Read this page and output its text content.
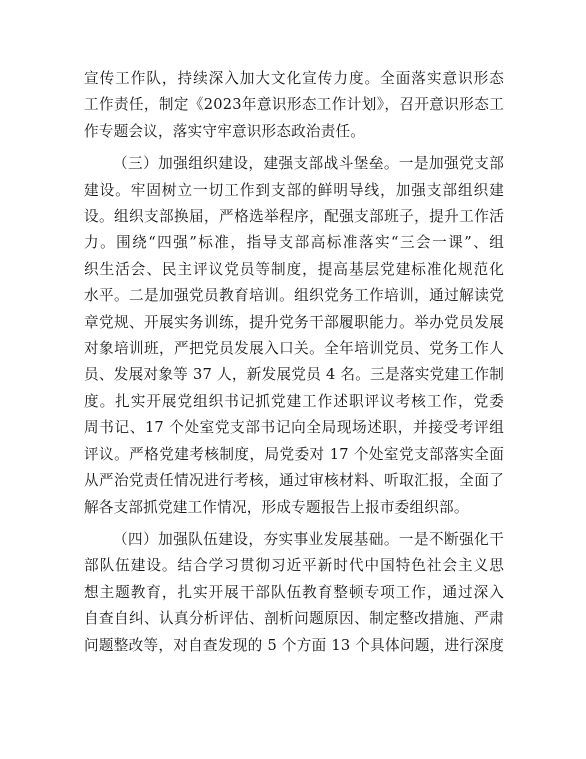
宣传工作队，持续深入加大文化宣传力度。全面落实意识形态
工作责任，制定《2023年意识形态工作计划》，召开意识形态工
作专题会议，落实守牢意识形态政治责任。

（三）加强组织建设，建强支部战斗堡垒。一是加强党支部
建设。牢固树立一切工作到支部的鲜明导线，加强支部组织建
设。组织支部换届，严格选举程序，配强支部班子，提升工作活
力。围绕“四强”标准，指导支部高标准落实“三会一课”、组
织生活会、民主评议党员等制度，提高基层党建标准化规范化
水平。二是加强党员教育培训。组织党务工作培训，通过解读党
章党规、开展实务训练，提升党务干部履职能力。举办党员发展
对象培训班，严把党员发展入口关。全年培训党员、党务工作人
员、发展对象等 37 人，新发展党员 4 名。三是落实党建工作制
度。扎实开展党组织书记抓党建工作述职评议考核工作，党委
周书记、17 个处室党支部书记向全局现场述职，并接受考评组
评议。严格党建考核制度，局党委对 17 个处室党支部落实全面
从严治党责任情况进行考核，通过审核材料、听取汇报，全面了
解各支部抓党建工作情况，形成专题报告上报市委组织部。

（四）加强队伍建设，夯实事业发展基础。一是不断强化干
部队伍建设。结合学习贯彻习近平新时代中国特色社会主义思
想主题教育，扎实开展干部队伍教育整顿专项工作，通过深入
自查自纠、认真分析评估、剖析问题原因、制定整改措施、严肃
问题整改等，对自查发现的 5 个方面 13 个具体问题，进行深度
